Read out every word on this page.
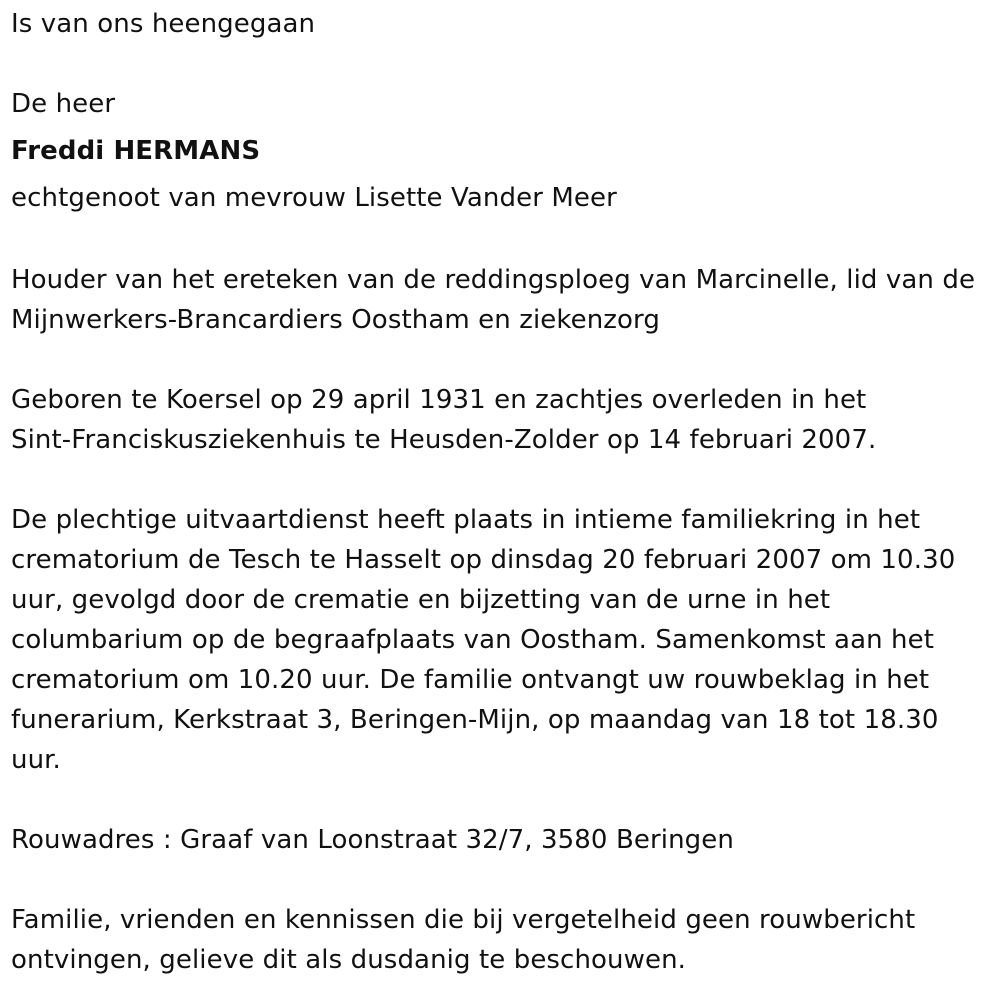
Is van ons heengegaan
De heer
Freddi HERMANS
echtgenoot van mevrouw Lisette Vander Meer
Houder van het ereteken van de reddingsploeg van Marcinelle, lid van de
Mijnwerkers-Brancardiers Oostham en ziekenzorg
Geboren te Koersel op 29 april 1931 en zachtjes overleden in het
Sint-Franciskusziekenhuis te Heusden-Zolder op 14 februari 2007.
De plechtige uitvaartdienst heeft plaats in intieme familiekring in het
crematorium de Tesch te Hasselt op dinsdag 20 februari 2007 om 10.30
uur, gevolgd door de crematie en bijzetting van de urne in het
columbarium op de begraafplaats van Oostham. Samenkomst aan het
crematorium om 10.20 uur. De familie ontvangt uw rouwbeklag in het
funerarium, Kerkstraat 3, Beringen-Mijn, op maandag van 18 tot 18.30
uur.
Rouwadres : Graaf van Loonstraat 32/7, 3580 Beringen
Familie, vrienden en kennissen die bij vergetelheid geen rouwbericht
ontvingen, gelieve dit als dusdanig te beschouwen.
